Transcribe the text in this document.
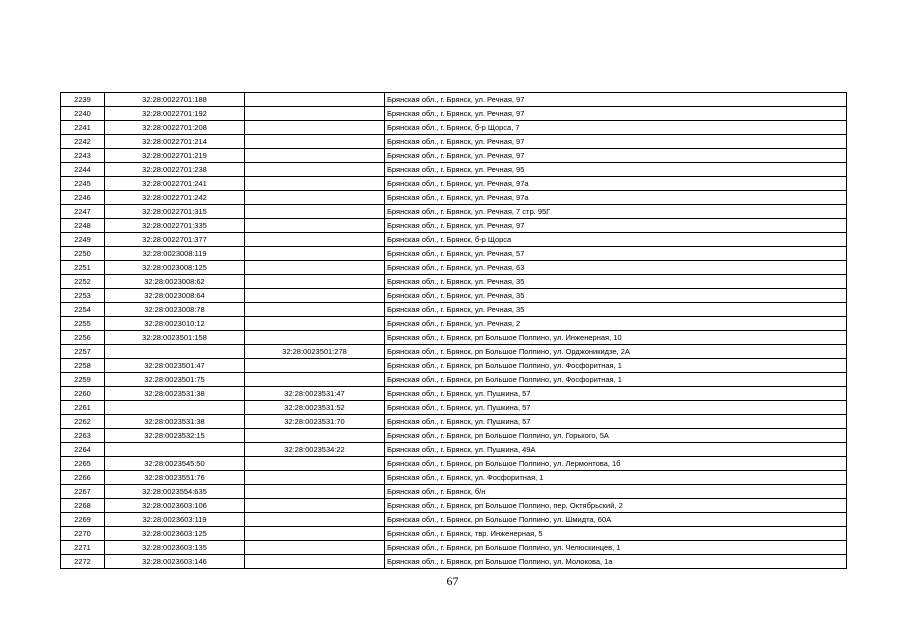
2239	32:28:0022701:188		Брянская обл., г. Брянск, ул. Речная, 97
2240	32:28:0022701:192		Брянская обл., г. Брянск, ул. Речная, 97
2241	32:28:0022701:208		Брянская обл., г. Брянск, б-р Щорса, 7
2242	32:28:0022701:214		Брянская обл., г. Брянск, ул. Речная, 97
2243	32:28:0022701:219		Брянская обл., г. Брянск, ул. Речная, 97
2244	32:28:0022701:238		Брянская обл., г. Брянск, ул. Речная, 95
2245	32:28:0022701:241		Брянская обл., г. Брянск, ул. Речная, 97а
2246	32:28:0022701:242		Брянская обл., г. Брянск, ул. Речная, 97а
2247	32:28:0022701:315		Брянская обл., г. Брянск, ул. Речная, 7 стр. 95Г
2248	32:28:0022701:335		Брянская обл., г. Брянск, ул. Речная, 97
2249	32:28:0022701:377		Брянская обл., г. Брянск, б-р Щорса
2250	32:28:0023008:119		Брянская обл., г. Брянск, ул. Речная, 57
2251	32:28:0023008:125		Брянская обл., г. Брянск, ул. Речная, 63
2252	32:28:0023008:62		Брянская обл., г. Брянск, ул. Речная, 35
2253	32:28:0023008:64		Брянская обл., г. Брянск, ул. Речная, 35
2254	32:28:0023008:78		Брянская обл., г. Брянск, ул. Речная, 35
2255	32:28:0023010:12		Брянская обл., г. Брянск, ул. Речная, 2
2256	32:28:0023501:158		Брянская обл., г. Брянск, рп Большое Полпино, ул. Инженерная, 10
2257		32:28:0023501:278	Брянская обл., г. Брянск, рп Большое Полпино, ул. Орджоникидзе, 2А
2258	32:28:0023501:47		Брянская обл., г. Брянск, рп Большое Полпино, ул. Фосфоритная, 1
2259	32:28:0023501:75		Брянская обл., г. Брянск, рп Большое Полпино, ул. Фосфоритная, 1
2260	32:28:0023531:38	32:28:0023531:47	Брянская обл., г. Брянск, ул. Пушкина, 57
2261		32:28:0023531:52	Брянская обл., г. Брянск, ул. Пушкина, 57
2262	32:28:0023531:38	32:28:0023531:70	Брянская обл., г. Брянск, ул. Пушкина, 57
2263	32:28:0023532:15		Брянская обл., г. Брянск, рп Большое Полпино, ул. Горького, 5А
2264		32:28:0023534:22	Брянская обл., г. Брянск, ул. Пушкина, 49А
2265	32:28:0023545:50		Брянская обл., г. Брянск, рп Большое Полпино, ул. Лермонтова, 1б
2266	32:28:0023551:76		Брянская обл., г. Брянск, ул. Фосфоритная, 1
2267	32:28:0023554:635		Брянская обл., г. Брянск, б/н
2268	32:28:0023603:106		Брянская обл., г. Брянск, рп Большое Полпино, пер. Октябрьский, 2
2269	32:28:0023603:119		Брянская обл., г. Брянск, рп Большое Полпино, ул. Шмидта, 60А
2270	32:28:0023603:125		Брянская обл., г. Брянск, твр. Инженерная, 5
2271	32:28:0023603:135		Брянская обл., г. Брянск, рп Большое Полпино, ул. Челюскинцев, 1
2272	32:28:0023603:146		Брянская обл., г. Брянск, рп Большое Полпино, ул. Молокова, 1а
67
